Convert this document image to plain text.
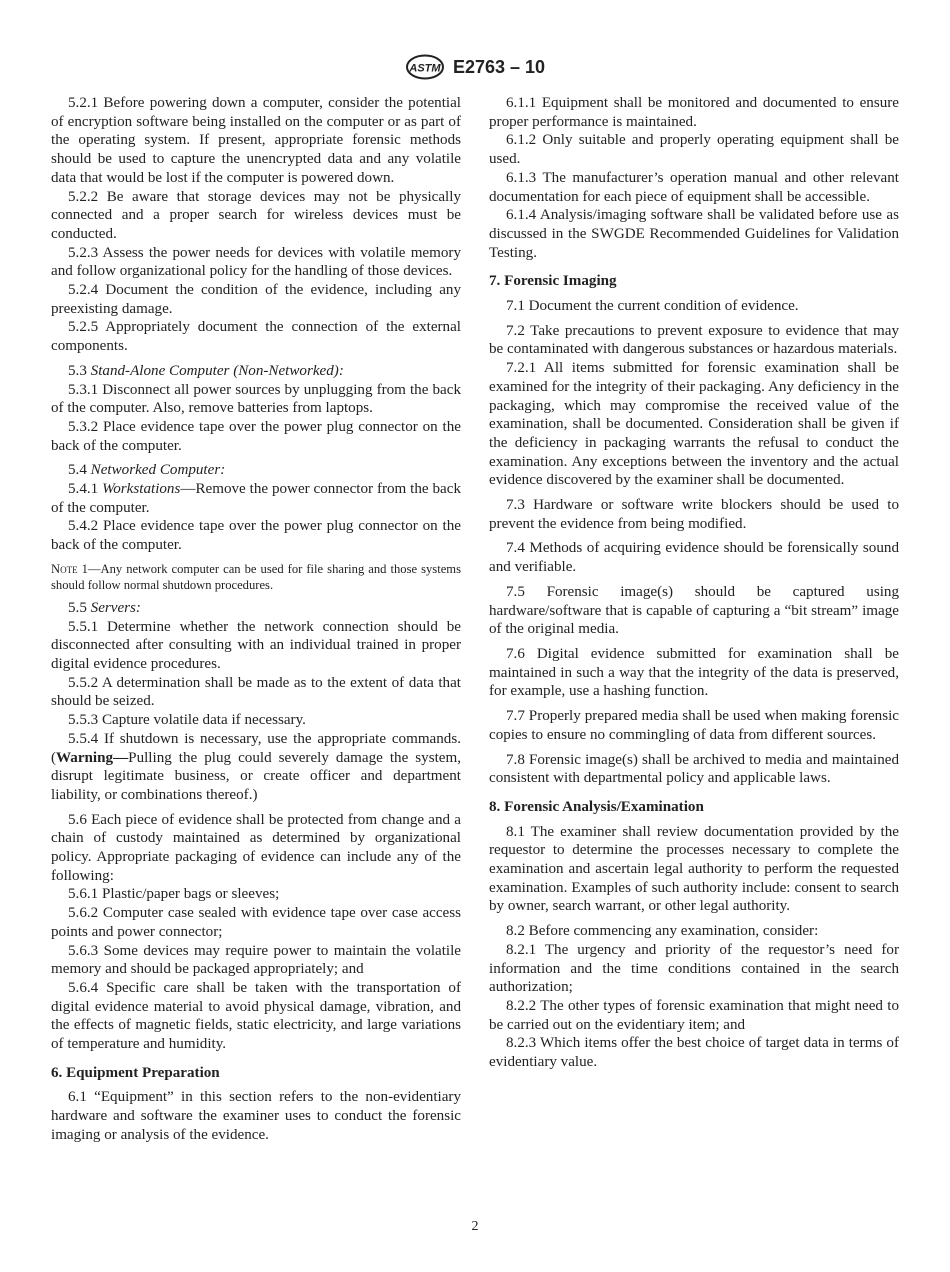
ASTM E2763 – 10

5.2.1 Before powering down a computer, consider the potential of encryption software being installed on the computer or as part of the operating system. If present, appropriate forensic methods should be used to capture the unencrypted data and any volatile data that would be lost if the computer is powered down.

5.2.2 Be aware that storage devices may not be physically connected and a proper search for wireless devices must be conducted.

5.2.3 Assess the power needs for devices with volatile memory and follow organizational policy for the handling of those devices.

5.2.4 Document the condition of the evidence, including any preexisting damage.

5.2.5 Appropriately document the connection of the external components.

5.3 Stand-Alone Computer (Non-Networked):

5.3.1 Disconnect all power sources by unplugging from the back of the computer. Also, remove batteries from laptops.

5.3.2 Place evidence tape over the power plug connector on the back of the computer.

5.4 Networked Computer:

5.4.1 Workstations—Remove the power connector from the back of the computer.

5.4.2 Place evidence tape over the power plug connector on the back of the computer.

Note 1—Any network computer can be used for file sharing and those systems should follow normal shutdown procedures.

5.5 Servers:

5.5.1 Determine whether the network connection should be disconnected after consulting with an individual trained in proper digital evidence procedures.

5.5.2 A determination shall be made as to the extent of data that should be seized.

5.5.3 Capture volatile data if necessary.

5.5.4 If shutdown is necessary, use the appropriate commands. (Warning—Pulling the plug could severely damage the system, disrupt legitimate business, or create officer and department liability, or combinations thereof.)

5.6 Each piece of evidence shall be protected from change and a chain of custody maintained as determined by organizational policy. Appropriate packaging of evidence can include any of the following:

5.6.1 Plastic/paper bags or sleeves;

5.6.2 Computer case sealed with evidence tape over case access points and power connector;

5.6.3 Some devices may require power to maintain the volatile memory and should be packaged appropriately; and

5.6.4 Specific care shall be taken with the transportation of digital evidence material to avoid physical damage, vibration, and the effects of magnetic fields, static electricity, and large variations of temperature and humidity.

6. Equipment Preparation

6.1 “Equipment” in this section refers to the non-evidentiary hardware and software the examiner uses to conduct the forensic imaging or analysis of the evidence.

6.1.1 Equipment shall be monitored and documented to ensure proper performance is maintained.

6.1.2 Only suitable and properly operating equipment shall be used.

6.1.3 The manufacturer’s operation manual and other relevant documentation for each piece of equipment shall be accessible.

6.1.4 Analysis/imaging software shall be validated before use as discussed in the SWGDE Recommended Guidelines for Validation Testing.

7. Forensic Imaging

7.1 Document the current condition of evidence.

7.2 Take precautions to prevent exposure to evidence that may be contaminated with dangerous substances or hazardous materials.

7.2.1 All items submitted for forensic examination shall be examined for the integrity of their packaging. Any deficiency in the packaging, which may compromise the received value of the examination, shall be documented. Consideration shall be given if the deficiency in packaging warrants the refusal to conduct the examination. Any exceptions between the inventory and the actual evidence discovered by the examiner shall be documented.

7.3 Hardware or software write blockers should be used to prevent the evidence from being modified.

7.4 Methods of acquiring evidence should be forensically sound and verifiable.

7.5 Forensic image(s) should be captured using hardware/software that is capable of capturing a “bit stream” image of the original media.

7.6 Digital evidence submitted for examination shall be maintained in such a way that the integrity of the data is preserved, for example, use a hashing function.

7.7 Properly prepared media shall be used when making forensic copies to ensure no commingling of data from different sources.

7.8 Forensic image(s) shall be archived to media and maintained consistent with departmental policy and applicable laws.

8. Forensic Analysis/Examination

8.1 The examiner shall review documentation provided by the requestor to determine the processes necessary to complete the examination and ascertain legal authority to perform the requested examination. Examples of such authority include: consent to search by owner, search warrant, or other legal authority.

8.2 Before commencing any examination, consider:

8.2.1 The urgency and priority of the requestor’s need for information and the time conditions contained in the search authorization;

8.2.2 The other types of forensic examination that might need to be carried out on the evidentiary item; and

8.2.3 Which items offer the best choice of target data in terms of evidentiary value.

2
